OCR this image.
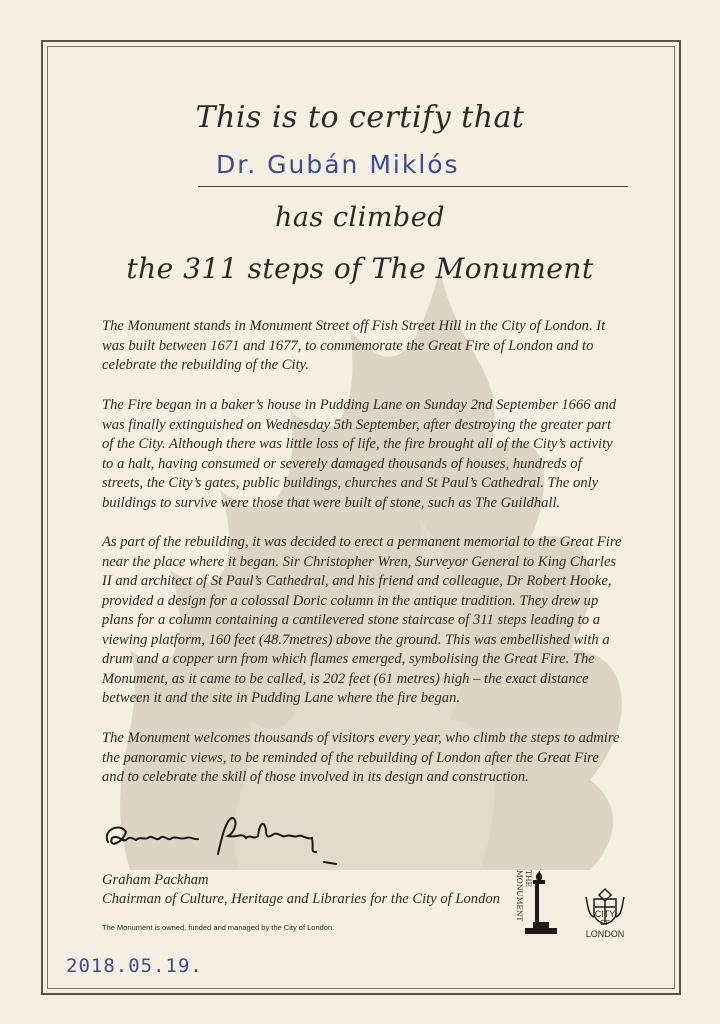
This is to certify that
Dr. Gubán Miklós
has climbed
the 311 steps of The Monument

The Monument stands in Monument Street off Fish Street Hill in the City of London. It was built between 1671 and 1677, to commemorate the Great Fire of London and to celebrate the rebuilding of the City.

The Fire began in a baker’s house in Pudding Lane on Sunday 2nd September 1666 and was finally extinguished on Wednesday 5th September, after destroying the greater part of the City. Although there was little loss of life, the fire brought all of the City’s activity to a halt, having consumed or severely damaged thousands of houses, hundreds of streets, the City’s gates, public buildings, churches and St Paul’s Cathedral. The only buildings to survive were those that were built of stone, such as The Guildhall.

As part of the rebuilding, it was decided to erect a permanent memorial to the Great Fire near the place where it began. Sir Christopher Wren, Surveyor General to King Charles II and architect of St Paul’s Cathedral, and his friend and colleague, Dr Robert Hooke, provided a design for a colossal Doric column in the antique tradition. They drew up plans for a column containing a cantilevered stone staircase of 311 steps leading to a viewing platform, 160 feet (48.7metres) above the ground. This was embellished with a drum and a copper urn from which flames emerged, symbolising the Great Fire. The Monument, as it came to be called, is 202 feet (61 metres) high – the exact distance between it and the site in Pudding Lane where the fire began.

The Monument welcomes thousands of visitors every year, who climb the steps to admire the panoramic views, to be reminded of the rebuilding of London after the Great Fire and to celebrate the skill of those involved in its design and construction.

Graham Packham
Chairman of Culture, Heritage and Libraries for the City of London
The Monument is owned, funded and managed by the City of London.
THE MONUMENT	CITY
OF
LONDON
2018.05.19.
